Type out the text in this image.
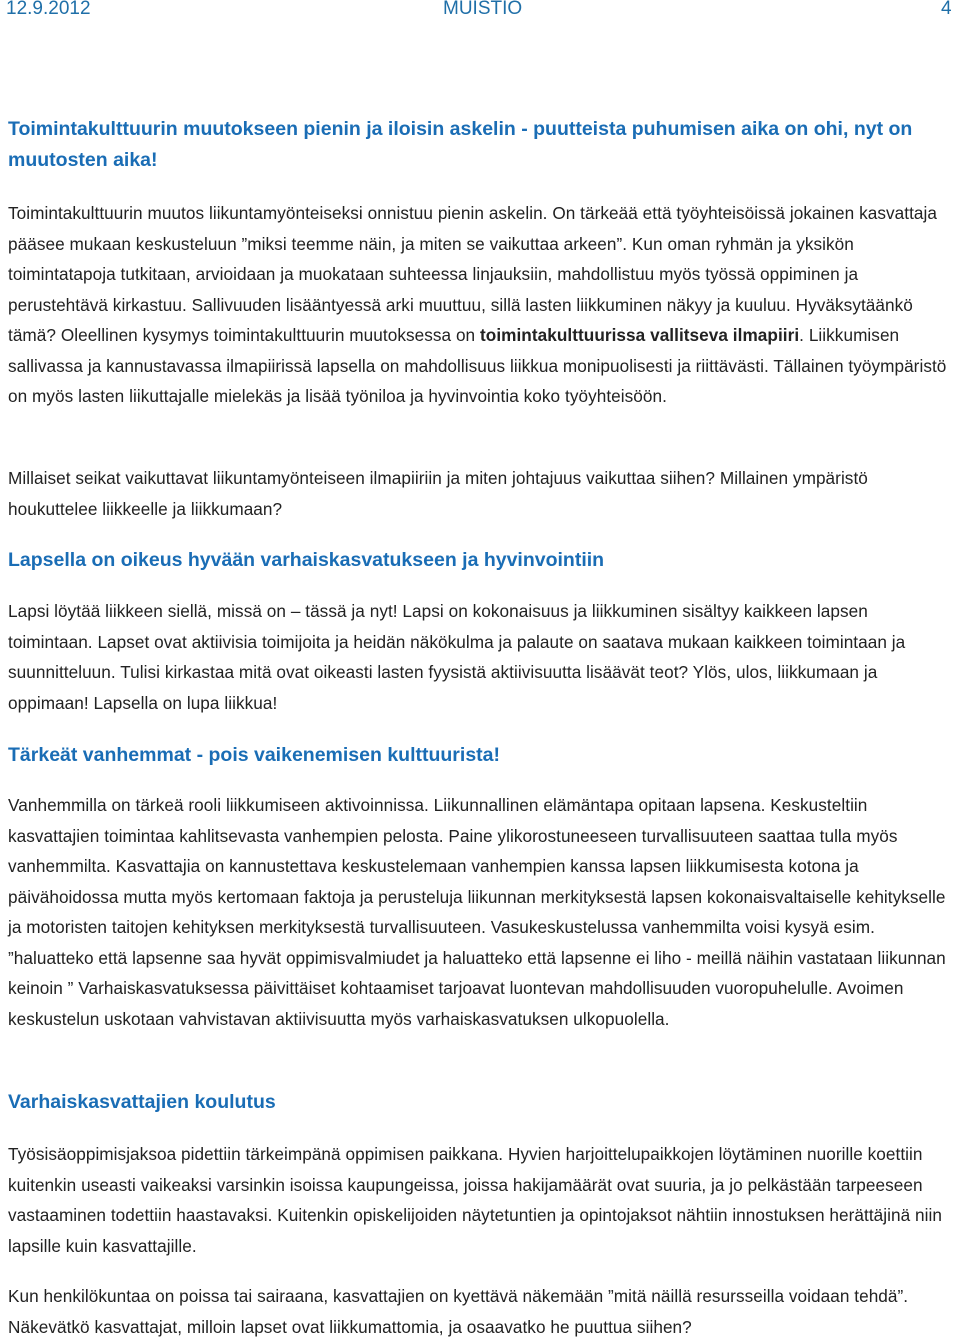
12.9.2012	MUISTIO	4
Toimintakulttuurin muutokseen pienin ja iloisin askelin - puutteista puhumisen aika on ohi, nyt on muutosten aika!

Toimintakulttuurin muutos liikuntamyönteiseksi onnistuu pienin askelin. On tärkeää että työyhteisöissä jokainen kasvattaja pääsee mukaan keskusteluun ”miksi teemme näin, ja miten se vaikuttaa arkeen”. Kun oman ryhmän ja yksikön toimintatapoja tutkitaan, arvioidaan ja muokataan suhteessa linjauksiin, mahdollistuu myös työssä oppiminen ja perustehtävä kirkastuu. Sallivuuden lisääntyessä arki muuttuu, sillä lasten liikkuminen näkyy ja kuuluu. Hyväksytäänkö tämä? Oleellinen kysymys toimintakulttuurin muutoksessa on toimintakulttuurissa vallitseva ilmapiiri. Liikkumisen sallivassa ja kannustavassa ilmapiirissä lapsella on mahdollisuus liikkua monipuolisesti ja riittävästi. Tällainen työympäristö on myös lasten liikuttajalle mielekäs ja lisää työniloa ja hyvinvointia koko työyhteisöön.

Millaiset seikat vaikuttavat liikuntamyönteiseen ilmapiiriin ja miten johtajuus vaikuttaa siihen? Millainen ympäristö houkuttelee liikkeelle ja liikkumaan?

Lapsella on oikeus hyvään varhaiskasvatukseen ja hyvinvointiin

Lapsi löytää liikkeen siellä, missä on – tässä ja nyt! Lapsi on kokonaisuus ja liikkuminen sisältyy kaikkeen lapsen toimintaan. Lapset ovat aktiivisia toimijoita ja heidän näkökulma ja palaute on saatava mukaan kaikkeen toimintaan ja suunnitteluun. Tulisi kirkastaa mitä ovat oikeasti lasten fyysistä aktiivisuutta lisäävät teot? Ylös, ulos, liikkumaan ja oppimaan! Lapsella on lupa liikkua!

Tärkeät vanhemmat - pois vaikenemisen kulttuurista!

Vanhemmilla on tärkeä rooli liikkumiseen aktivoinnissa. Liikunnallinen elämäntapa opitaan lapsena. Keskusteltiin kasvattajien toimintaa kahlitsevasta vanhempien pelosta. Paine ylikorostuneeseen turvallisuuteen saattaa tulla myös vanhemmilta. Kasvattajia on kannustettava keskustelemaan vanhempien kanssa lapsen liikkumisesta kotona ja päivähoidossa mutta myös kertomaan faktoja ja perusteluja liikunnan merkityksestä lapsen kokonaisvaltaiselle kehitykselle ja motoristen taitojen kehityksen merkityksestä turvallisuuteen. Vasukeskustelussa vanhemmilta voisi kysyä esim. ”haluatteko että lapsenne saa hyvät oppimisvalmiudet ja haluatteko että lapsenne ei liho - meillä näihin vastataan liikunnan keinoin ” Varhaiskasvatuksessa päivittäiset kohtaamiset tarjoavat luontevan mahdollisuuden vuoropuhelulle. Avoimen keskustelun uskotaan vahvistavan aktiivisuutta myös varhaiskasvatuksen ulkopuolella.

Varhaiskasvattajien koulutus

Työsisäoppimisjaksoa pidettiin tärkeimpänä oppimisen paikkana. Hyvien harjoittelupaikkojen löytäminen nuorille koettiin kuitenkin useasti vaikeaksi varsinkin isoissa kaupungeissa, joissa hakijamäärät ovat suuria, ja jo pelkästään tarpeeseen vastaaminen todettiin haastavaksi. Kuitenkin opiskelijoiden näytetuntien ja opintojaksot nähtiin innostuksen herättäjinä niin lapsille kuin kasvattajille.

Kun henkilökuntaa on poissa tai sairaana, kasvattajien on kyettävä näkemään ”mitä näillä resursseilla voidaan tehdä”. Näkevätkö kasvattajat, milloin lapset ovat liikkumattomia, ja osaavatko he puuttua siihen?
